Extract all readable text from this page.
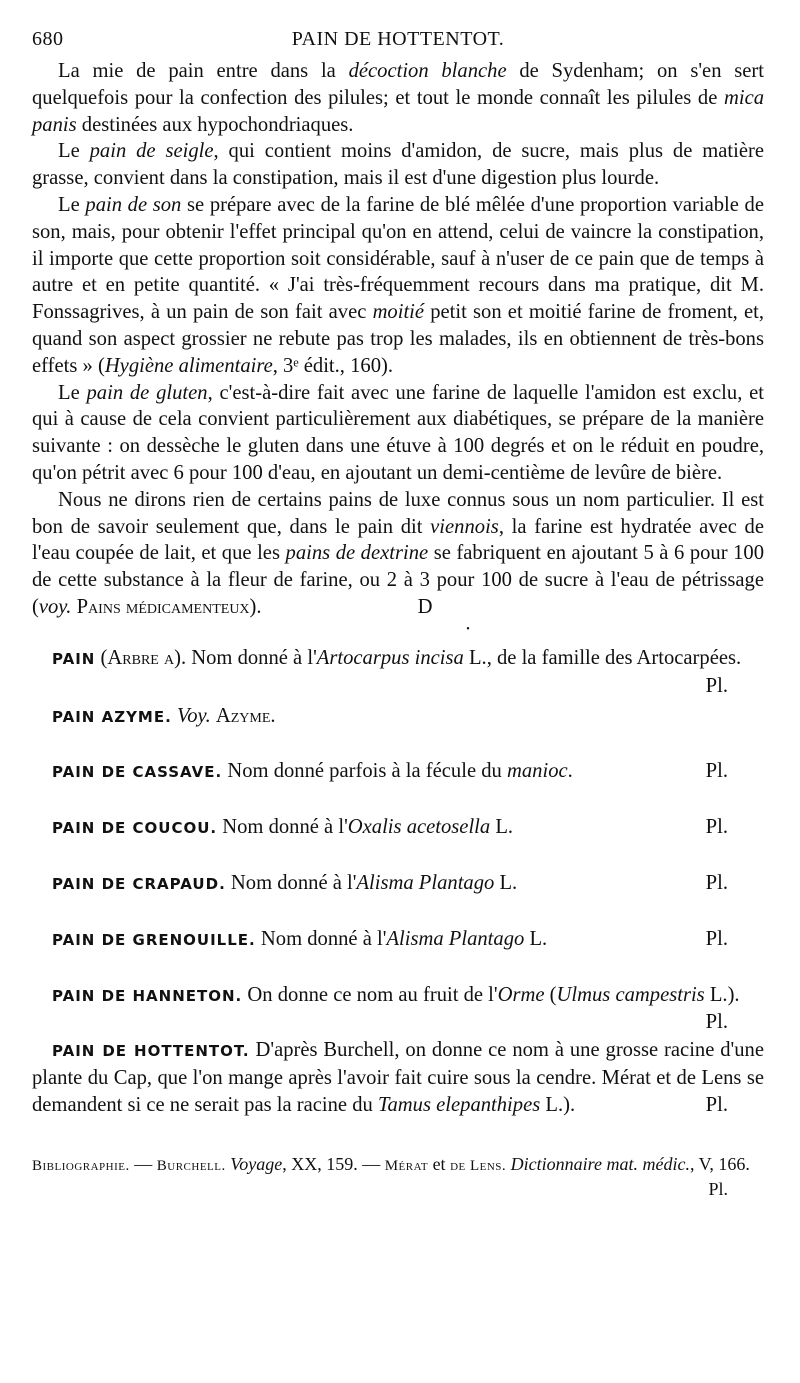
680	PAIN DE HOTTENTOT.

La mie de pain entre dans la décoction blanche de Sydenham; on s'en sert quelquefois pour la confection des pilules; et tout le monde connaît les pilules de mica panis destinées aux hypochondriaques.

Le pain de seigle, qui contient moins d'amidon, de sucre, mais plus de matière grasse, convient dans la constipation, mais il est d'une digestion plus lourde.

Le pain de son se prépare avec de la farine de blé mêlée d'une proportion variable de son, mais, pour obtenir l'effet principal qu'on en attend, celui de vaincre la constipation, il importe que cette proportion soit considérable, sauf à n'user de ce pain que de temps à autre et en petite quantité. « J'ai très-fréquemment recours dans ma pratique, dit M. Fonssagrives, à un pain de son fait avec moitié petit son et moitié farine de froment, et, quand son aspect grossier ne rebute pas trop les malades, ils en obtiennent de très-bons effets » (Hygiène alimentaire, 3ᵉ édit., 160).

Le pain de gluten, c'est-à-dire fait avec une farine de laquelle l'amidon est exclu, et qui à cause de cela convient particulièrement aux diabétiques, se prépare de la manière suivante : on dessèche le gluten dans une étuve à 100 degrés et on le réduit en poudre, qu'on pétrit avec 6 pour 100 d'eau, en ajoutant un demi-centième de levûre de bière.

Nous ne dirons rien de certains pains de luxe connus sous un nom particulier. Il est bon de savoir seulement que, dans le pain dit viennois, la farine est hydratée avec de l'eau coupée de lait, et que les pains de dextrine se fabriquent en ajoutant 5 à 6 pour 100 de cette substance à la fleur de farine, ou 2 à 3 pour 100 de sucre à l'eau de pétrissage (voy. Pains médicamenteux).	D

•

PAIN (Arbre a). Nom donné à l'Artocarpus incisa L., de la famille des Artocarpées.
Pl.

PAIN AZYME. Voy. Azyme.

PAIN DE CASSAVE. Nom donné parfois à la fécule du manioc.	Pl.

PAIN DE COUCOU. Nom donné à l'Oxalis acetosella L.	Pl.

PAIN DE CRAPAUD. Nom donné à l'Alisma Plantago L.	Pl.

PAIN DE GRENOUILLE. Nom donné à l'Alisma Plantago L.	Pl.

PAIN DE HANNETON. On donne ce nom au fruit de l'Orme (Ulmus campestris L.).
Pl.

PAIN DE HOTTENTOT. D'après Burchell, on donne ce nom à une grosse racine d'une plante du Cap, que l'on mange après l'avoir fait cuire sous la cendre. Mérat et de Lens se demandent si ce ne serait pas la racine du Tamus elepanthipes L.).	Pl.

Bibliographie. — Burchell. Voyage, XX, 159. — Mérat et de Lens. Dictionnaire mat. médic., V, 166.
Pl.
